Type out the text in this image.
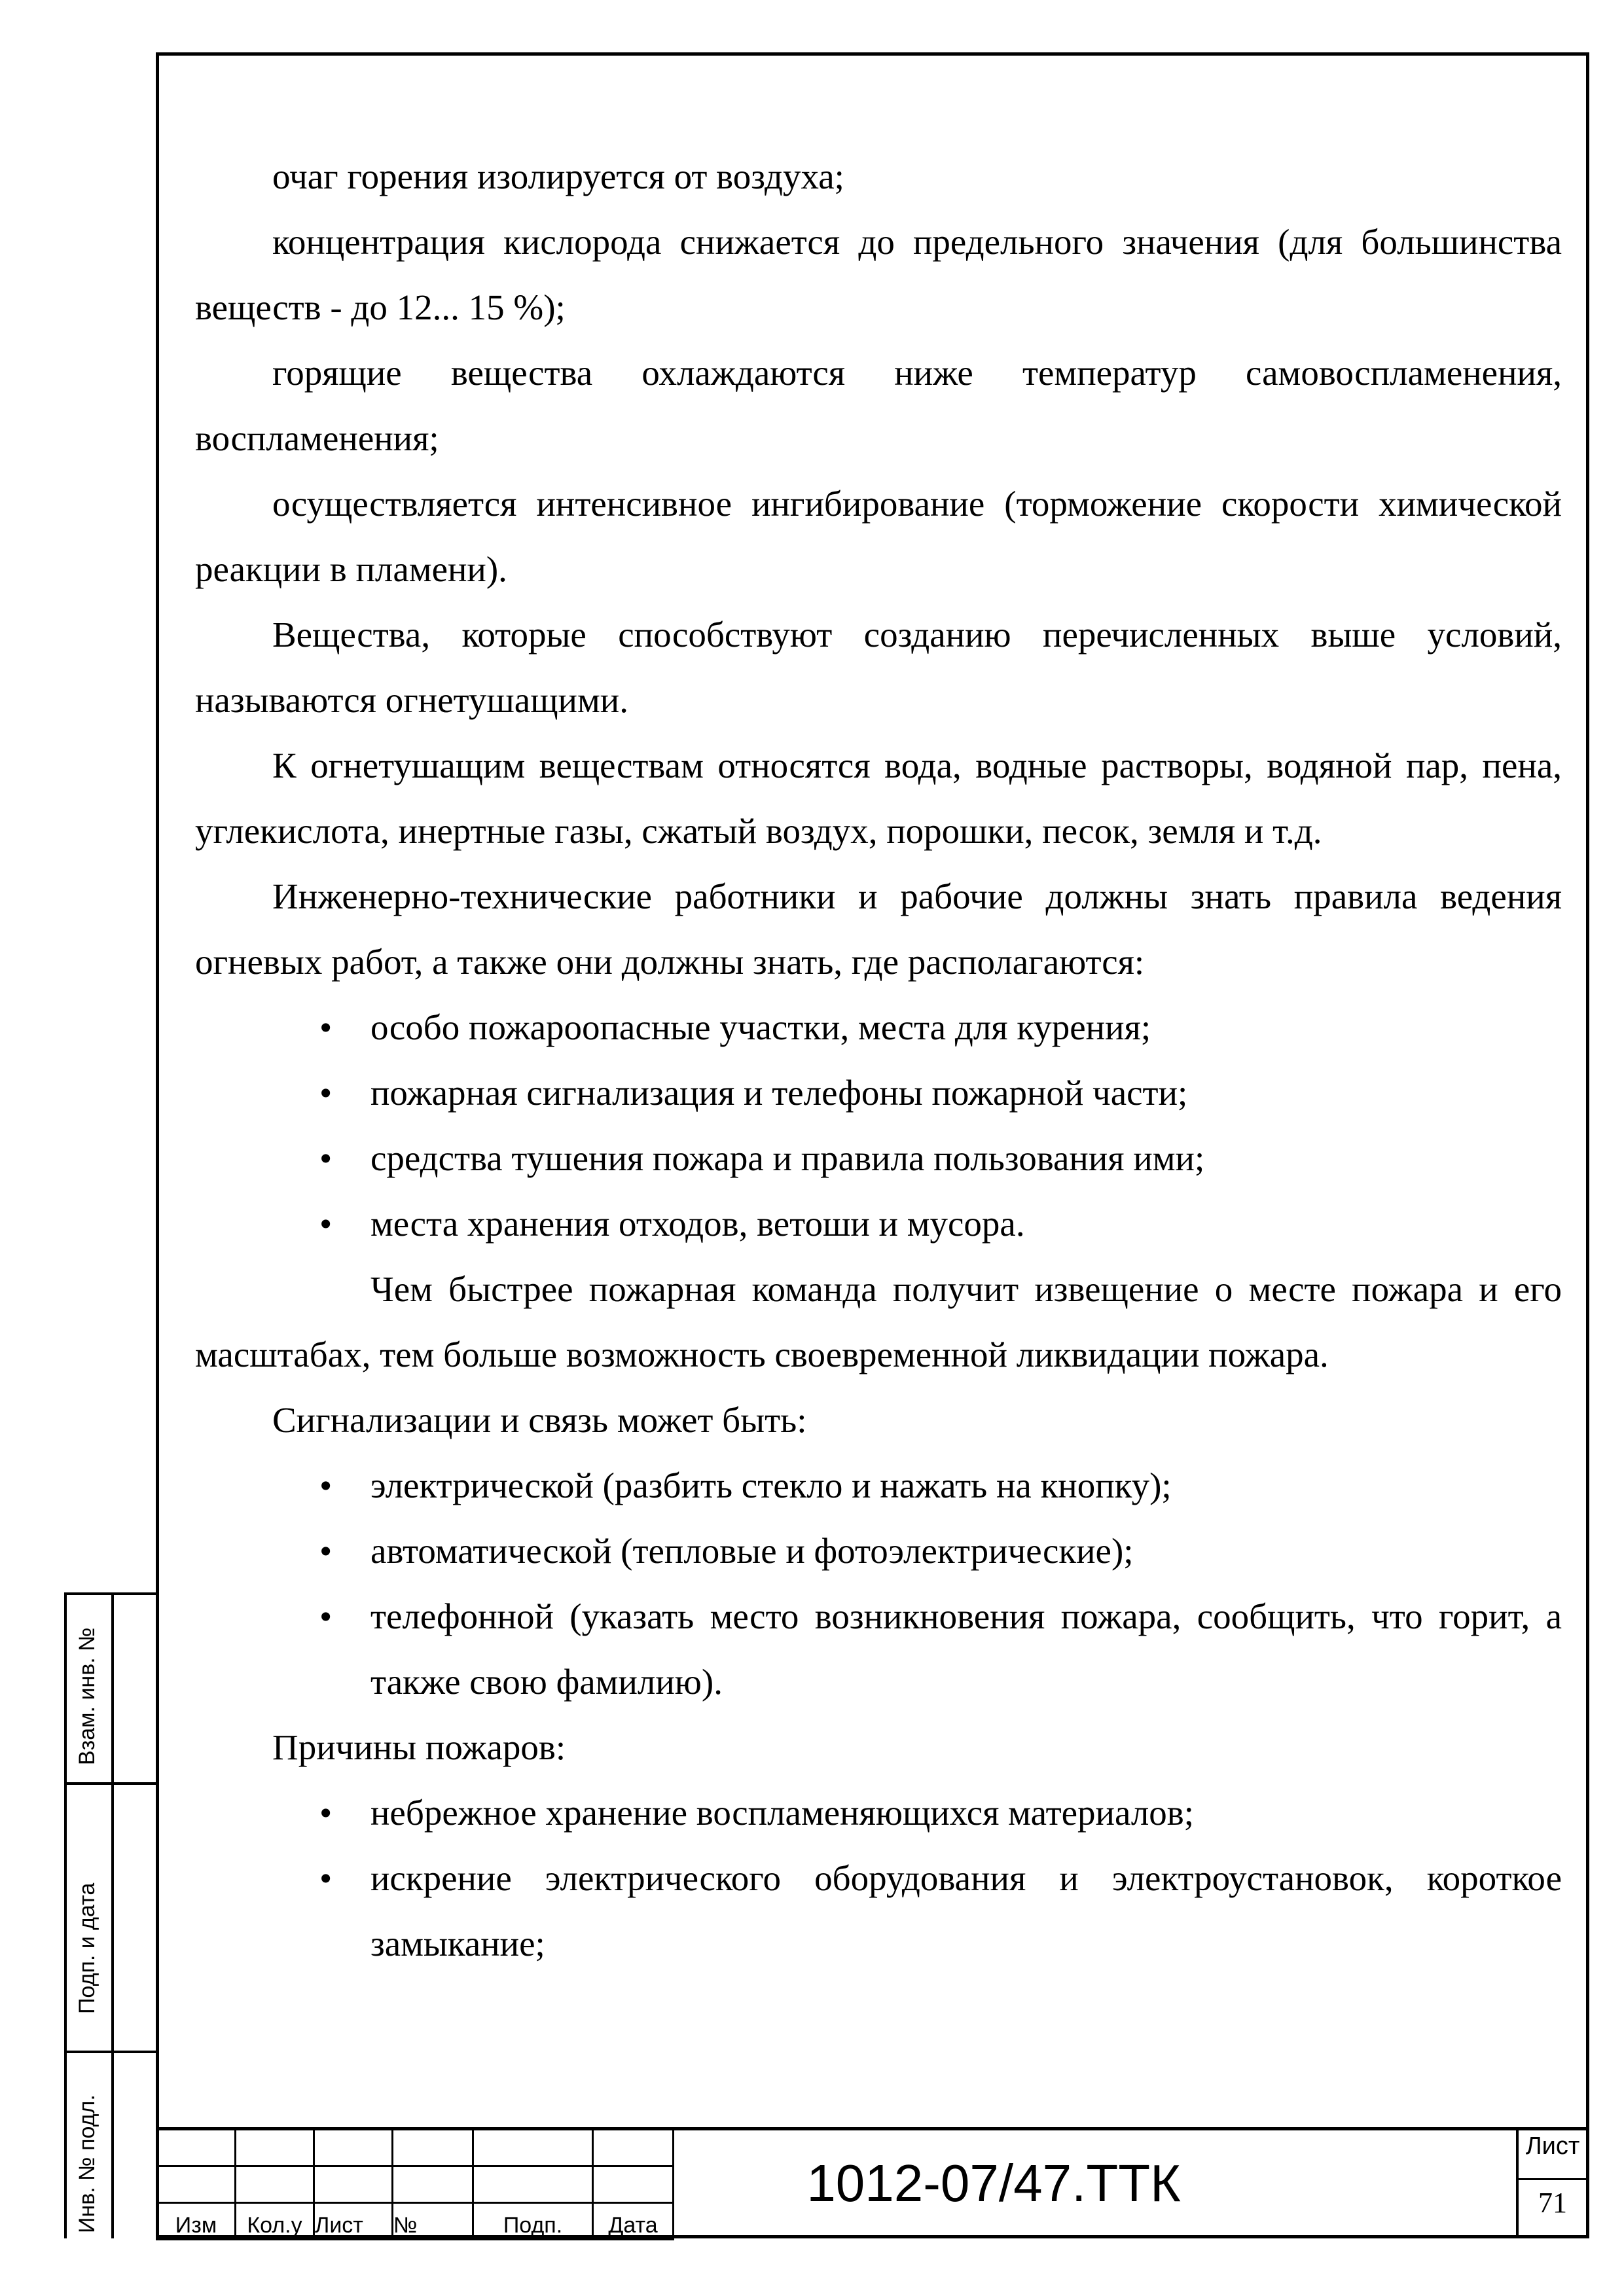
очаг горения изолируется от воздуха;

концентрация кислорода снижается до предельного значения (для большинства веществ - до 12... 15 %);

горящие вещества охлаждаются ниже температур самовоспламенения, воспламенения;

осуществляется интенсивное ингибирование (торможение скорости химической реакции в пламени).

Вещества, которые способствуют созданию перечисленных выше условий, называются огнетушащими.

К огнетушащим веществам относятся вода, водные растворы, водяной пар, пена, углекислота, инертные газы, сжатый воздух, порошки, песок, земля и т.д.

Инженерно-технические работники и рабочие должны знать правила ведения огневых работ, а также они должны знать, где располагаются:

• особо пожароопасные участки, места для курения;
• пожарная сигнализация и телефоны пожарной части;
• средства тушения пожара и правила пользования ими;
• места хранения отходов, ветоши и мусора.

Чем быстрее пожарная команда получит извещение о месте пожара и его масштабах, тем больше возможность своевременной ликвидации пожара.

Сигнализации и связь может быть:

• электрической (разбить стекло и нажать на кнопку);
• автоматической (тепловые и фотоэлектрические);
• телефонной (указать место возникновения пожара, сообщить, что горит, а также свою фамилию).

Причины пожаров:

• небрежное хранение воспламеняющихся материалов;
• искрение электрического оборудования и электроустановок, короткое замыкание;
Взам. инв. №
Подп. и дата
Инв. № подл.

						Изм	Кол.у	Лист	№	Подп.	Дата
1012-07/47.ТТК
Лист
71
